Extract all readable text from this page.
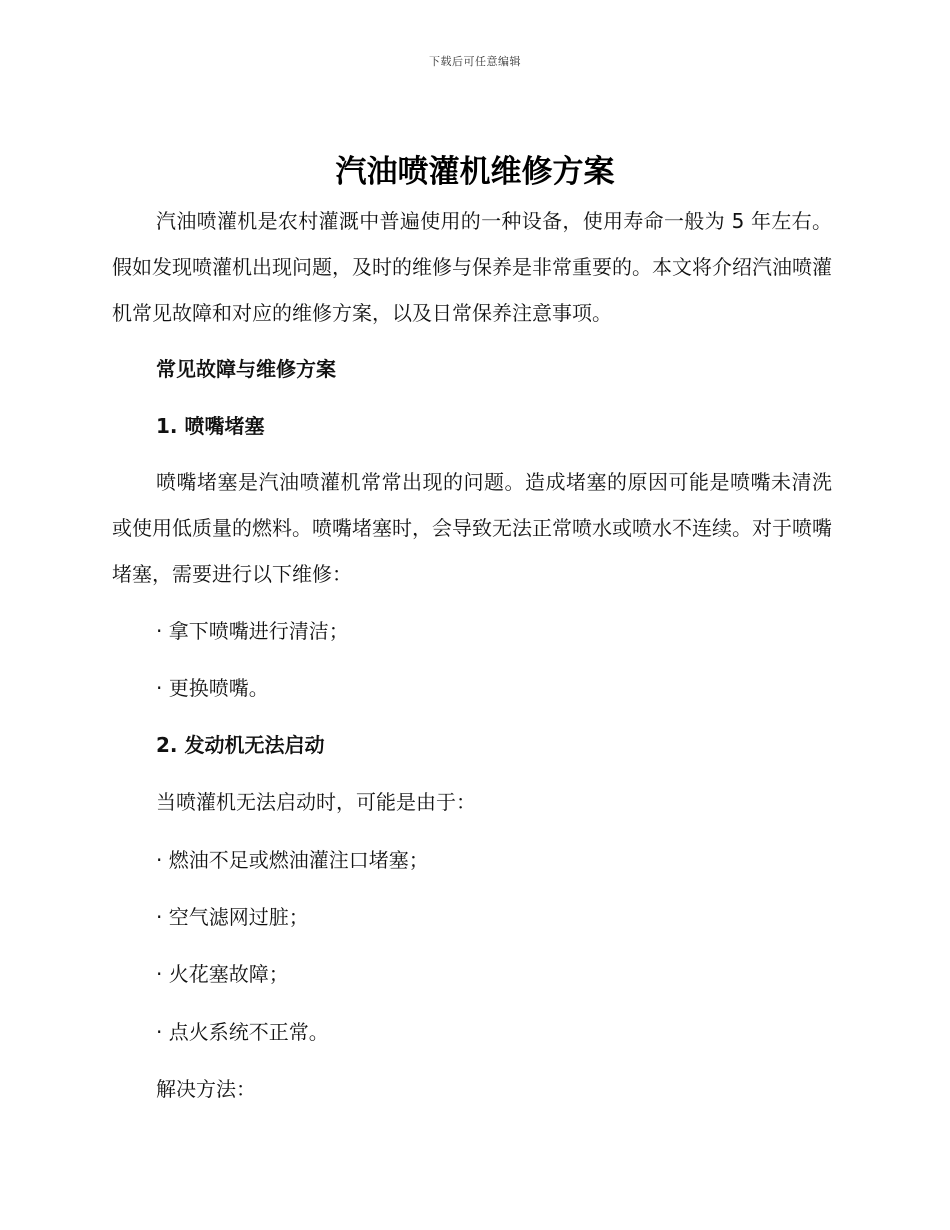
下载后可任意编辑
汽油喷灌机维修方案

汽油喷灌机是农村灌溉中普遍使用的一种设备，使用寿命一般为 5 年左右。假如发现喷灌机出现问题，及时的维修与保养是非常重要的。本文将介绍汽油喷灌机常见故障和对应的维修方案，以及日常保养注意事项。

常见故障与维修方案
1. 喷嘴堵塞

喷嘴堵塞是汽油喷灌机常常出现的问题。造成堵塞的原因可能是喷嘴未清洗或使用低质量的燃料。喷嘴堵塞时，会导致无法正常喷水或喷水不连续。对于喷嘴堵塞，需要进行以下维修：

· 拿下喷嘴进行清洁；
· 更换喷嘴。
2. 发动机无法启动
当喷灌机无法启动时，可能是由于：
· 燃油不足或燃油灌注口堵塞；
· 空气滤网过脏；
· 火花塞故障；
· 点火系统不正常。
解决方法：
